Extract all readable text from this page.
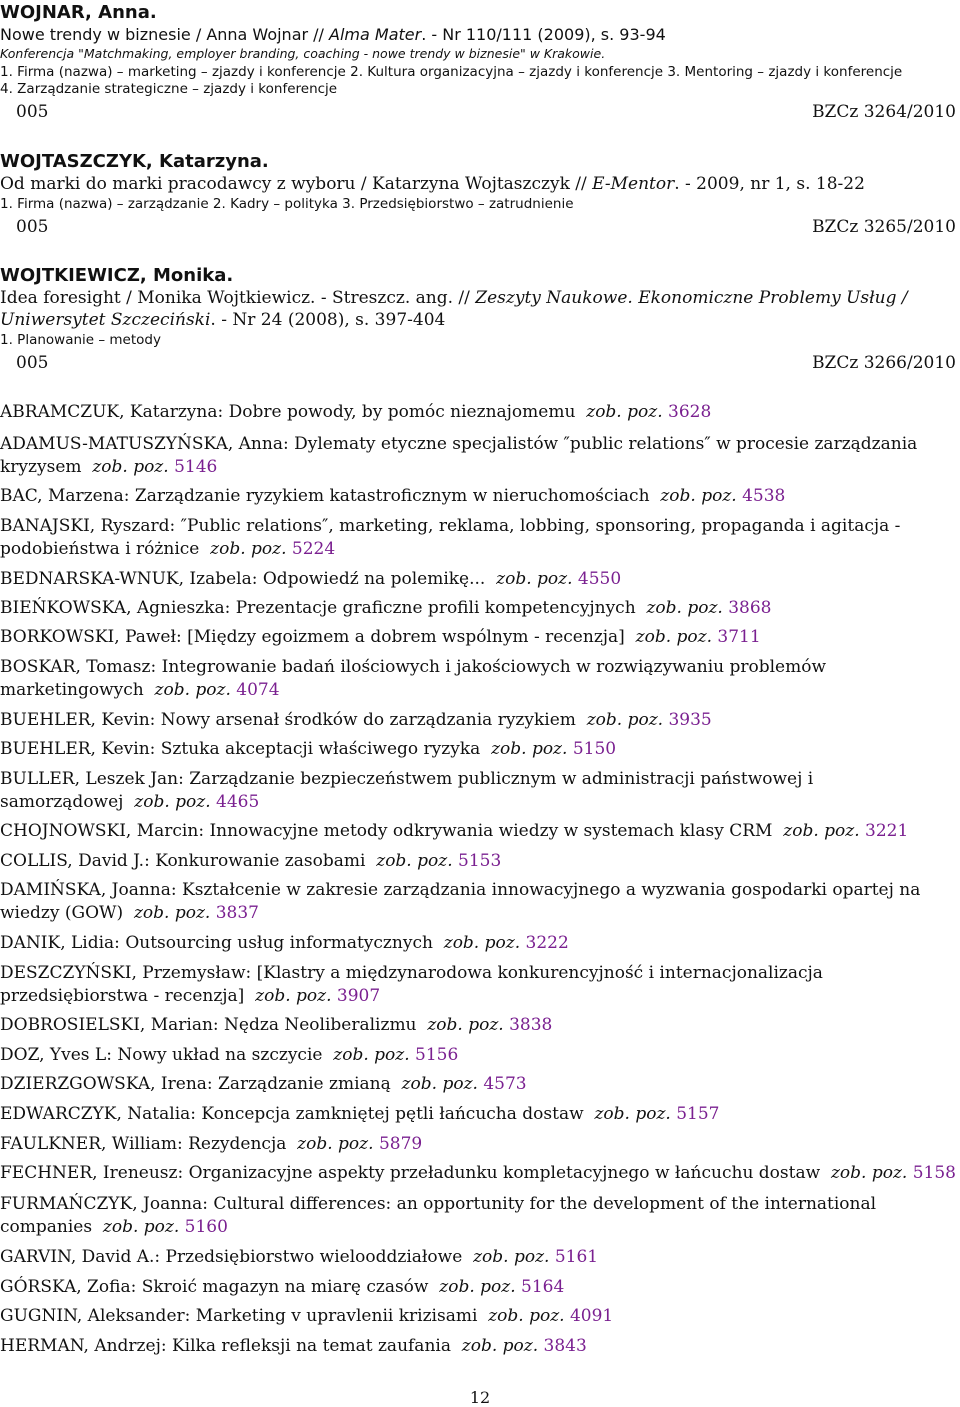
WOJNAR, Anna.
Nowe trendy w biznesie / Anna Wojnar // Alma Mater. - Nr 110/111 (2009), s. 93-94
Konferencja "Matchmaking, employer branding, coaching - nowe trendy w biznesie" w Krakowie.
1. Firma (nazwa) – marketing – zjazdy i konferencje 2. Kultura organizacyjna – zjazdy i konferencje 3. Mentoring – zjazdy i konferencje
4. Zarządzanie strategiczne – zjazdy i konferencje
005	BZCz 3264/2010
WOJTASZCZYK, Katarzyna.
Od marki do marki pracodawcy z wyboru / Katarzyna Wojtaszczyk // E-Mentor. - 2009, nr 1, s. 18-22
1. Firma (nazwa) – zarządzanie 2. Kadry – polityka 3. Przedsiębiorstwo – zatrudnienie
005	BZCz 3265/2010
WOJTKIEWICZ, Monika.
Idea foresight / Monika Wojtkiewicz. - Streszcz. ang. // Zeszyty Naukowe. Ekonomiczne Problemy Usług / Uniwersytet Szczeciński. - Nr 24 (2008), s. 397-404
1. Planowanie – metody
005	BZCz 3266/2010
ABRAMCZUK, Katarzyna: Dobre powody, by pomóc nieznajomemu zob. poz. 3628
ADAMUS-MATUSZYŃSKA, Anna: Dylematy etyczne specjalistów ″public relations″ w procesie zarządzania kryzysem zob. poz. 5146
BAC, Marzena: Zarządzanie ryzykiem katastroficznym w nieruchomościach zob. poz. 4538
BANAJSKI, Ryszard: ″Public relations″, marketing, reklama, lobbing, sponsoring, propaganda i agitacja - podobieństwa i różnice zob. poz. 5224
BEDNARSKA-WNUK, Izabela: Odpowiedź na polemikę... zob. poz. 4550
BIEŃKOWSKA, Agnieszka: Prezentacje graficzne profili kompetencyjnych zob. poz. 3868
BORKOWSKI, Paweł: [Między egoizmem a dobrem wspólnym - recenzja] zob. poz. 3711
BOSKAR, Tomasz: Integrowanie badań ilościowych i jakościowych w rozwiązywaniu problemów marketingowych zob. poz. 4074
BUEHLER, Kevin: Nowy arsenał środków do zarządzania ryzykiem zob. poz. 3935
BUEHLER, Kevin: Sztuka akceptacji właściwego ryzyka zob. poz. 5150
BULLER, Leszek Jan: Zarządzanie bezpieczeństwem publicznym w administracji państwowej i samorządowej zob. poz. 4465
CHOJNOWSKI, Marcin: Innowacyjne metody odkrywania wiedzy w systemach klasy CRM zob. poz. 3221
COLLIS, David J.: Konkurowanie zasobami zob. poz. 5153
DAMIŃSKA, Joanna: Kształcenie w zakresie zarządzania innowacyjnego a wyzwania gospodarki opartej na wiedzy (GOW) zob. poz. 3837
DANIK, Lidia: Outsourcing usług informatycznych zob. poz. 3222
DESZCZYŃSKI, Przemysław: [Klastry a międzynarodowa konkurencyjność i internacjonalizacja przedsiębiorstwa - recenzja] zob. poz. 3907
DOBROSIELSKI, Marian: Nędza Neoliberalizmu zob. poz. 3838
DOZ, Yves L: Nowy układ na szczycie zob. poz. 5156
DZIERZGOWSKA, Irena: Zarządzanie zmianą zob. poz. 4573
EDWARCZYK, Natalia: Koncepcja zamkniętej pętli łańcucha dostaw zob. poz. 5157
FAULKNER, William: Rezydencja zob. poz. 5879
FECHNER, Ireneusz: Organizacyjne aspekty przeładunku kompletacyjnego w łańcuchu dostaw zob. poz. 5158
FURMAŃCZYK, Joanna: Cultural differences: an opportunity for the development of the international companies zob. poz. 5160
GARVIN, David A.: Przedsiębiorstwo wielooddziałowe zob. poz. 5161
GÓRSKA, Zofia: Skroić magazyn na miarę czasów zob. poz. 5164
GUGNIN, Aleksander: Marketing v upravlenii krizisami zob. poz. 4091
HERMAN, Andrzej: Kilka refleksji na temat zaufania zob. poz. 3843
12
